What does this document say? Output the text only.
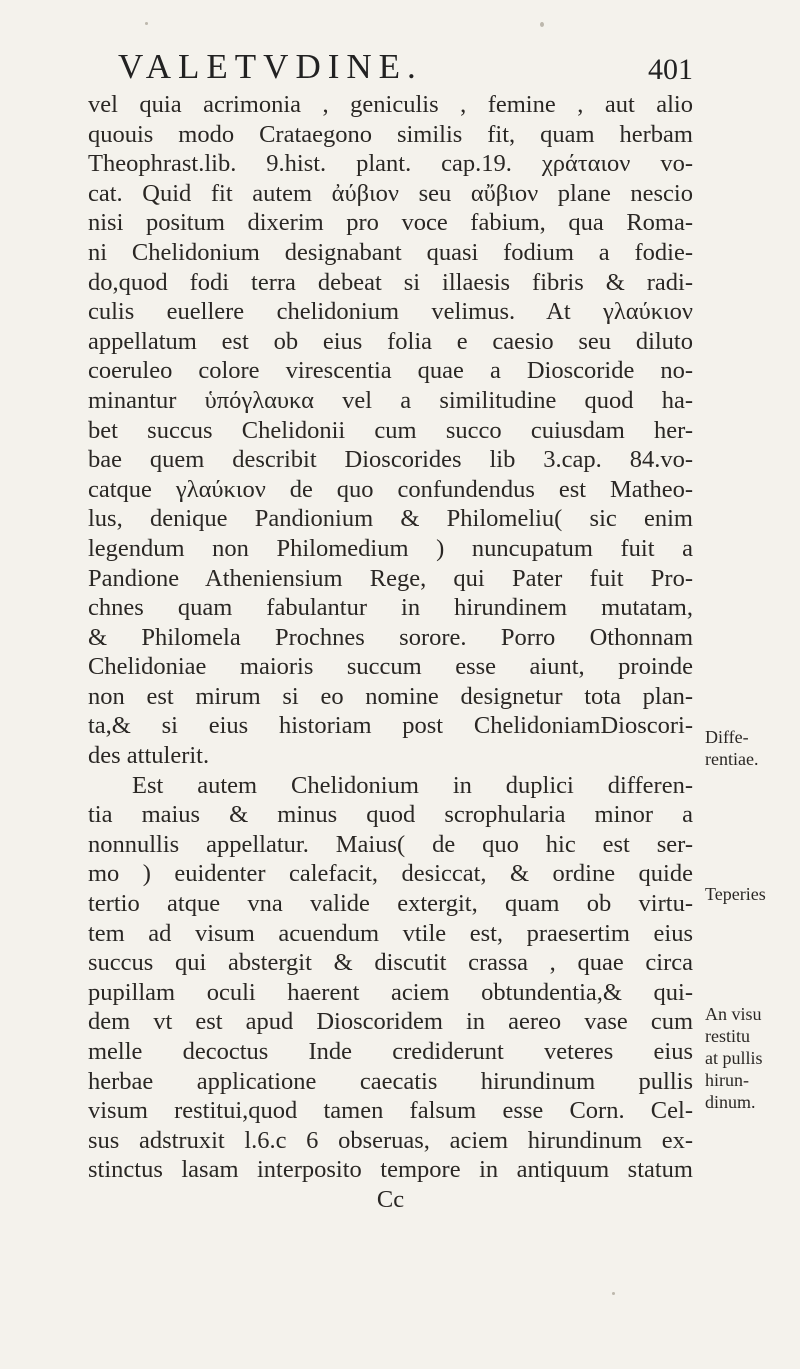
VALETVDINE.	401
vel quia acrimonia , geniculis , femine , aut alio
quouis modo Crataegono similis fit, quam herbam
Theophrast.lib. 9.hist. plant. cap.19. χράταιον vo-
cat. Quid fit autem ἀύβιον seu αὔβιον plane nescio
nisi positum dixerim pro voce fabium, qua Roma-
ni Chelidonium designabant quasi fodium a fodie-
do,quod fodi terra debeat si illaesis fibris & radi-
culis euellere chelidonium velimus. At γλαύκιον
appellatum est ob eius folia e caesio seu diluto
coeruleo colore virescentia quae a Dioscoride no-
minantur ὑπόγλαυκα vel a similitudine quod ha-
bet succus Chelidonii cum succo cuiusdam her-
bae quem describit Dioscorides lib 3.cap. 84.vo-
catque γλαύκιον de quo confundendus est Matheo-
lus, denique Pandionium & Philomeliu( sic enim
legendum non Philomedium ) nuncupatum fuit a
Pandione Atheniensium Rege, qui Pater fuit Pro-
chnes quam fabulantur in hirundinem mutatam,
& Philomela Prochnes sorore. Porro Othonnam
Chelidoniae maioris succum esse aiunt, proinde
non est mirum si eo nomine designetur tota plan-
ta,& si eius historiam post ChelidoniamDioscori-
des attulerit.
Est autem Chelidonium in duplici differen-
tia maius & minus quod scrophularia minor a
nonnullis appellatur. Maius( de quo hic est ser-
mo ) euidenter calefacit, desiccat, & ordine quide
tertio atque vna valide extergit, quam ob virtu-
tem ad visum acuendum vtile est, praesertim eius
succus qui abstergit & discutit crassa , quae circa
pupillam oculi haerent aciem obtundentia,& qui-
dem vt est apud Dioscoridem in aereo vase cum
melle decoctus Inde crediderunt veteres eius
herbae applicatione caecatis hirundinum pullis
visum restitui,quod tamen falsum esse Corn. Cel-
sus adstruxit l.6.c 6 obseruas, aciem hirundinum ex-
stinctus lasam interposito tempore in antiquum statum
Cc
Diffe-
rentiae.
Teperies
An visu
restitu
at pullis
hirun-
dinum.
